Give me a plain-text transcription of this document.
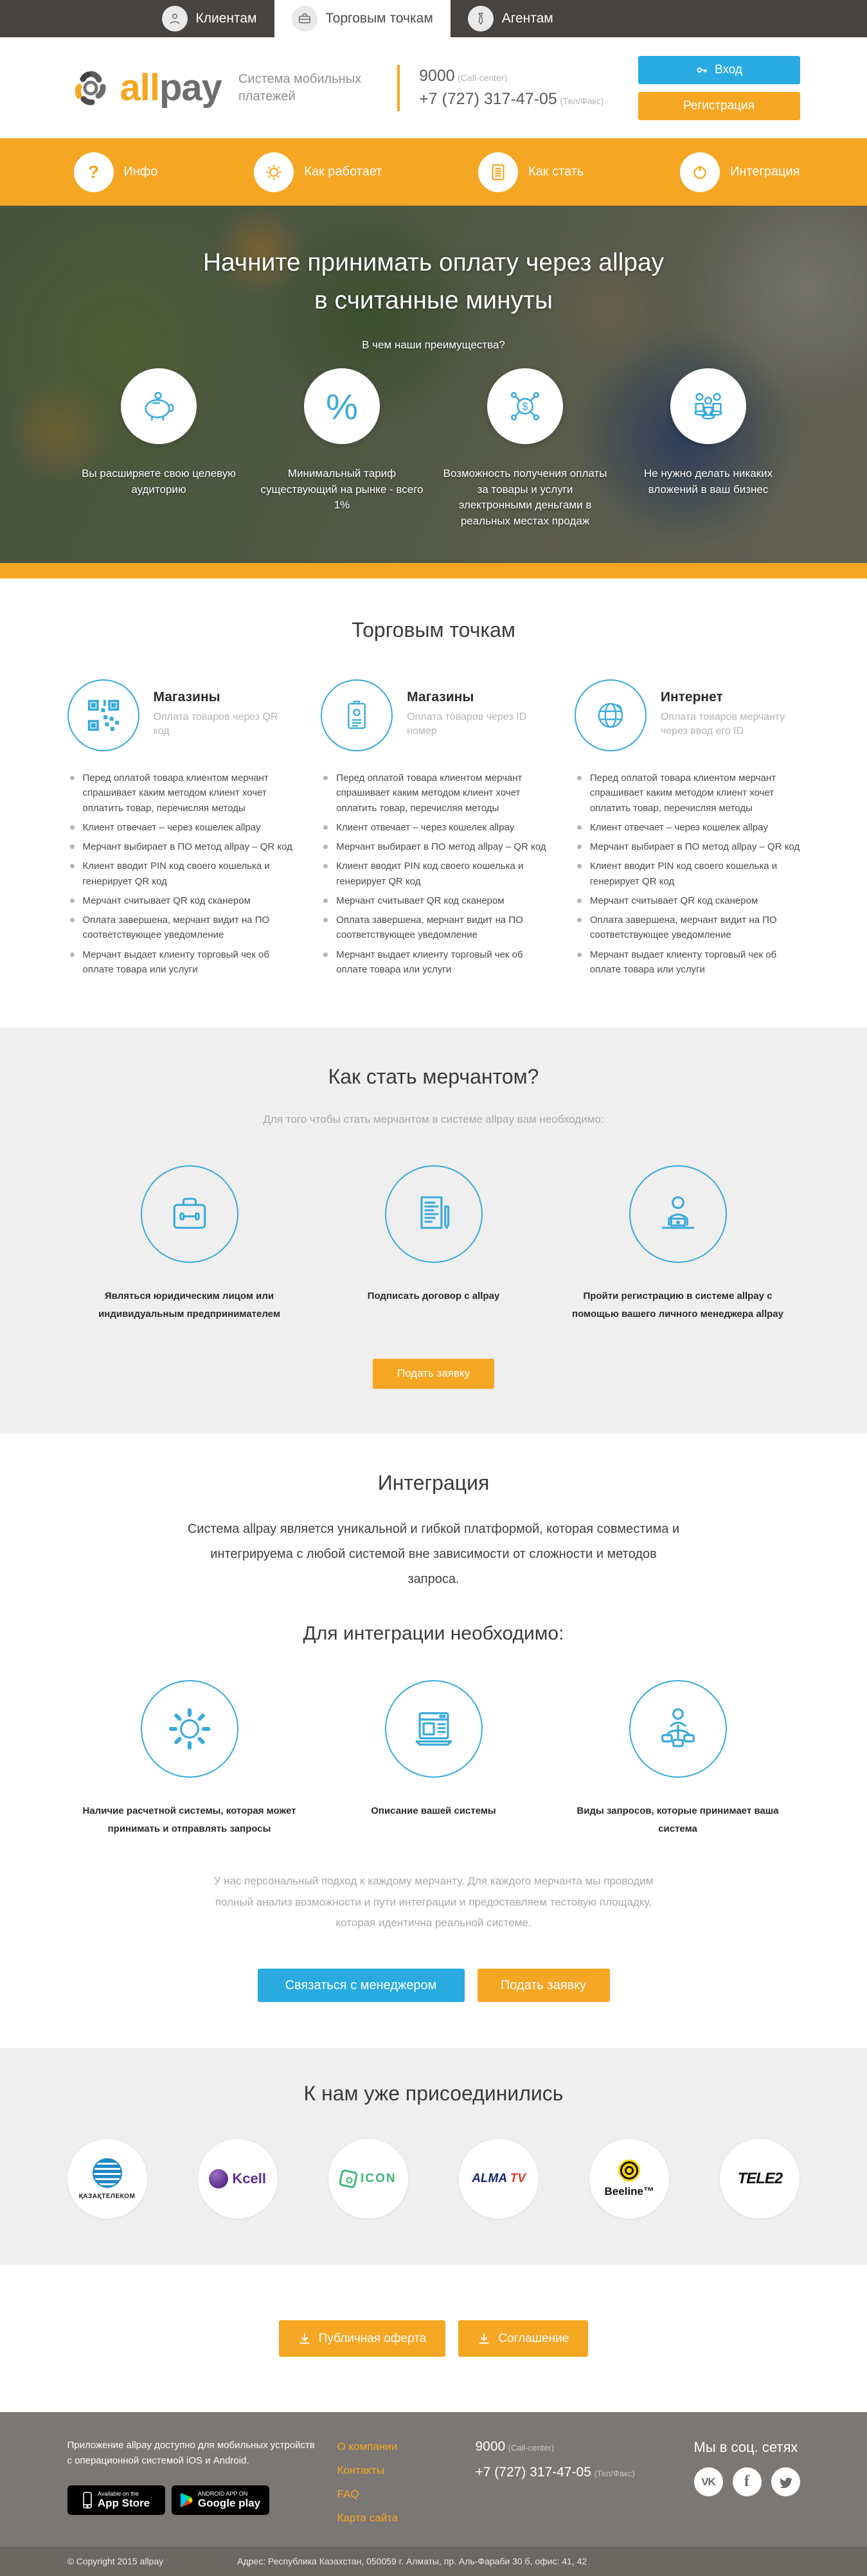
Клиентам	Торговым точкам	Агентам
allpay Система мобильных
платежей
9000 (Call-center)
+7 (727) 317-47-05 (Тел/Факс)
Вход
Регистрация
? Инфо	Как работает	Как стать	Интеграция
Начните принимать оплату через allpay
в считанные минуты
В чем наши преимущества?
Вы расширяете свою целевую аудиторию
%
Минимальный тариф существующий на рынке - всего 1%
$
Возможность получения оплаты за товары и услуги электронными деньгами в реальных местах продаж
Не нужно делать никаких вложений в ваш бизнес
Торговым точкам
Магазины
Оплата товаров через QR код
Перед оплатой товара клиентом мерчант спрашивает каким методом клиент хочет оплатить товар, перечисляя методы
Клиент отвечает – через кошелек allpay
Мерчант выбирает в ПО метод allpay – QR код
Клиент вводит PIN код своего кошелька и генерирует QR код
Мерчант считывает QR код сканером
Оплата завершена, мерчант видит на ПО соответствующее уведомление
Мерчант выдает клиенту торговый чек об оплате товара или услуги
Магазины
Оплата товаров через ID номер
Перед оплатой товара клиентом мерчант спрашивает каким методом клиент хочет оплатить товар, перечисляя методы
Клиент отвечает – через кошелек allpay
Мерчант выбирает в ПО метод allpay – QR код
Клиент вводит PIN код своего кошелька и генерирует QR код
Мерчант считывает QR код сканером
Оплата завершена, мерчант видит на ПО соответствующее уведомление
Мерчант выдает клиенту торговый чек об оплате товара или услуги
Интернет
Оплата товаров мерчанту через ввод его ID
Перед оплатой товара клиентом мерчант спрашивает каким методом клиент хочет оплатить товар, перечисляя методы
Клиент отвечает – через кошелек allpay
Мерчант выбирает в ПО метод allpay – QR код
Клиент вводит PIN код своего кошелька и генерирует QR код
Мерчант считывает QR код сканером
Оплата завершена, мерчант видит на ПО соответствующее уведомление
Мерчант выдает клиенту торговый чек об оплате товара или услуги
Как стать мерчантом?
Для того чтобы стать мерчантом в системе allpay вам необходимо:
Являться юридическим лицом или индивидуальным предпринимателем
Подписать договор с allpay	Пройти регистрацию в системе allpay с помощью вашего личного менеджера allpay
Подать заявку
Интеграция

Система allpay является уникальной и гибкой платформой, которая совместима и интегрируема с любой системой вне зависимости от сложности и методов запроса.

Для интеграции необходимо:
Наличие расчетной системы, которая может принимать и отправлять запросы
Описание вашей системы	Виды запросов, которые принимает ваша система

У нас персональный подход к каждому мерчанту. Для каждого мерчанта мы проводим полный анализ возможности и пути интеграции и предоставляем тестовую площадку, которая идентична реальной системе.

Связаться с менеджером	Подать заявку
К нам уже присоединились
ҚАЗАҚТЕЛЕКОМ
Kcell	ICON	ALMA TV
Beeline™
TELE2
Публичная оферта	Соглашение

Приложение allpay доступно для мобильных устройств с операционной системой iOS и Android.

Available on the
App Store
ANDROID APP ON
Google play
О компании
Контакты
FAQ
Карта сайта
9000 (Call-center)
+7 (727) 317-47-05 (Тел/Факс)
Мы в соц. сетях
VK	f
© Copyright 2015 allpay	Адрес: Республика Казахстан, 050059 г. Алматы, пр. Аль-Фараби 30 б, офис: 41, 42
